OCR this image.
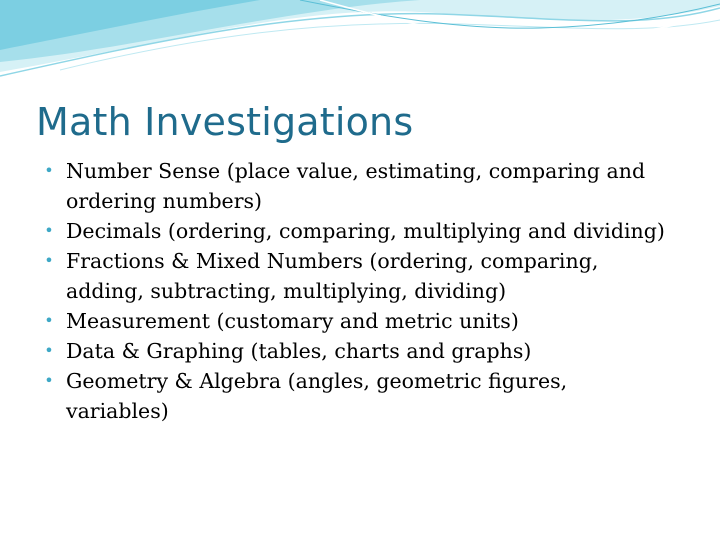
Math Investigations
• Number Sense (place value, estimating, comparing and ordering numbers)
• Decimals (ordering, comparing, multiplying and dividing)
• Fractions & Mixed Numbers (ordering, comparing, adding, subtracting, multiplying, dividing)
• Measurement (customary and metric units)
• Data & Graphing (tables, charts and graphs)
• Geometry & Algebra (angles, geometric figures, variables)
